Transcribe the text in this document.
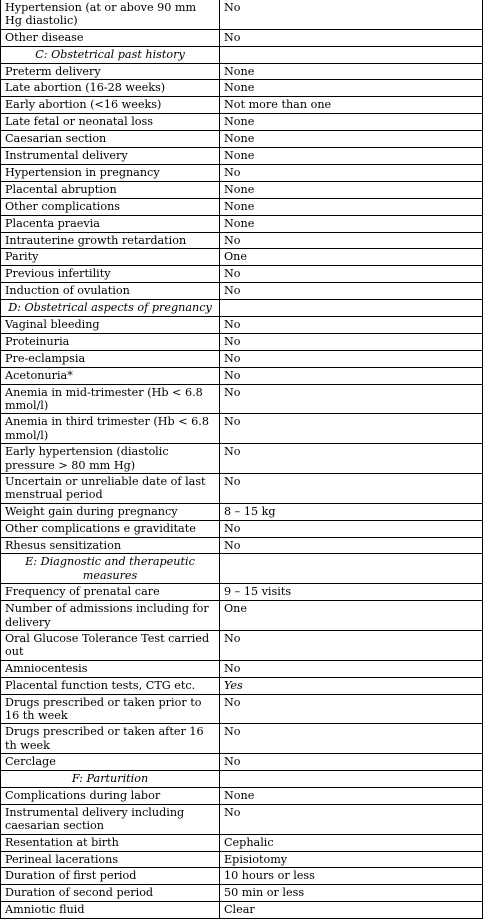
Hypertension (at or above 90 mm Hg diastolic)	No
Other disease	No
C: Obstetrical past history	
Preterm delivery	None
Late abortion (16-28 weeks)	None
Early abortion (<16 weeks)	Not more than one
Late fetal or neonatal loss	None
Caesarian section	None
Instrumental delivery	None
Hypertension in pregnancy	No
Placental abruption	None
Other complications	None
Placenta praevia	None
Intrauterine growth retardation	No
Parity	One
Previous infertility	No
Induction of ovulation	No
D: Obstetrical aspects of pregnancy	
Vaginal bleeding	No
Proteinuria	No
Pre-eclampsia	No
Acetonuria*	No
Anemia in mid-trimester (Hb < 6.8 mmol/l)	No
Anemia in third trimester (Hb < 6.8 mmol/l)	No
Early hypertension (diastolic pressure > 80 mm Hg)	No
Uncertain or unreliable date of last menstrual period	No
Weight gain during pregnancy	8 – 15 kg
Other complications e graviditate	No
Rhesus sensitization	No
E: Diagnostic and therapeutic measures	
Frequency of prenatal care	9 – 15 visits
Number of admissions including for delivery	One
Oral Glucose Tolerance Test carried out	No
Amniocentesis	No
Placental function tests, CTG etc.	Yes
Drugs prescribed or taken prior to 16 th week	No
Drugs prescribed or taken after 16 th week	No
Cerclage	No
F: Parturition	
Complications during labor	None
Instrumental delivery including caesarian section	No
Resentation at birth	Cephalic
Perineal lacerations	Episiotomy
Duration of first period	10 hours or less
Duration of second period	50 min or less
Amniotic fluid	Clear
